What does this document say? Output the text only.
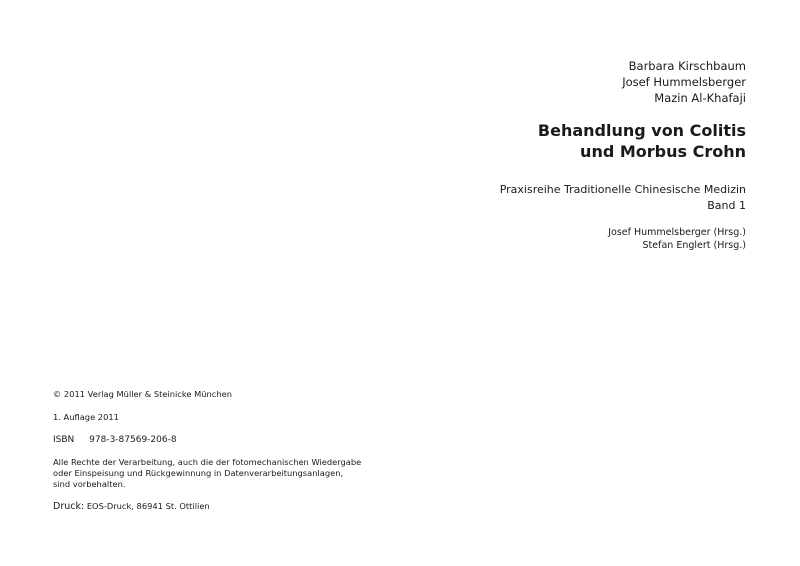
Barbara Kirschbaum
Josef Hummelsberger
Mazin Al-Khafaji
Behandlung von Colitis
und Morbus Crohn
Praxisreihe Traditionelle Chinesische Medizin
Band 1
Josef Hummelsberger (Hrsg.)
Stefan Englert (Hrsg.)
© 2011 Verlag Müller & Steinicke München
1. Auflage 2011
ISBN 978-3-87569-206-8
Alle Rechte der Verarbeitung, auch die der fotomechanischen Wiedergabe
oder Einspeisung und Rückgewinnung in Datenverarbeitungsanlagen,
sind vorbehalten.
Druck: EOS-Druck, 86941 St. Ottilien
